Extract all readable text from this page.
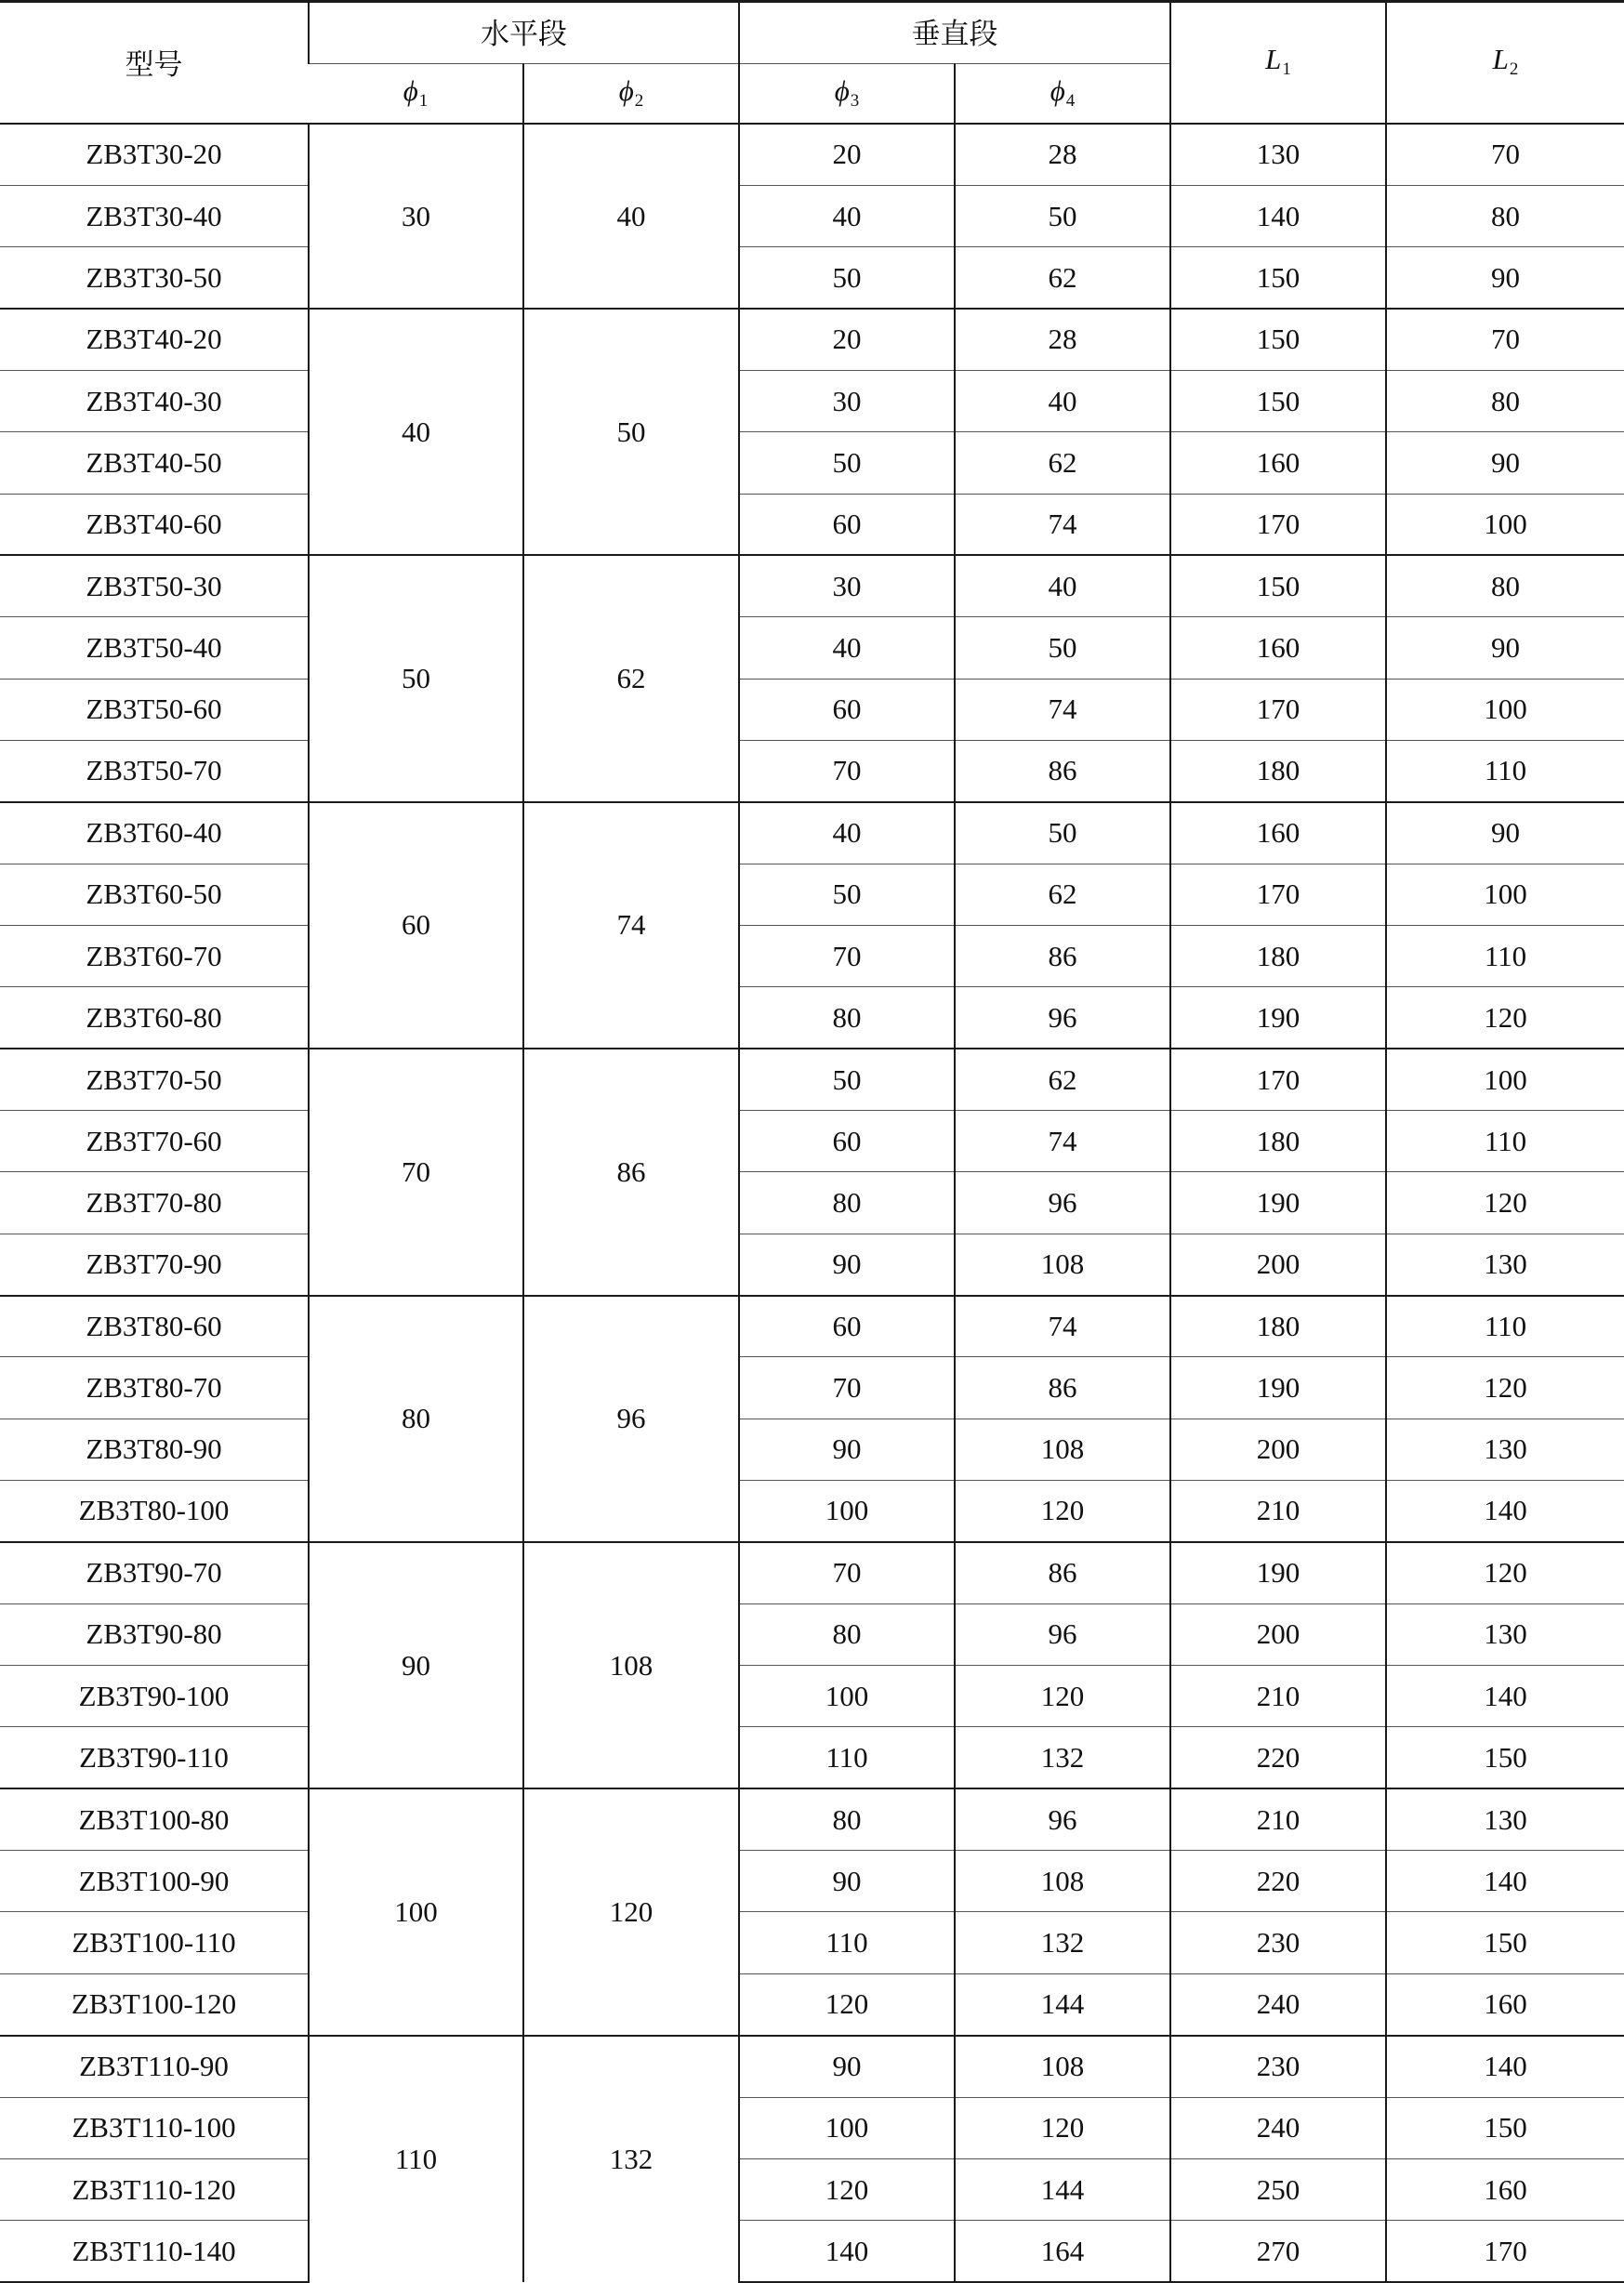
型号	水平段		垂直段		$L_1$	$L_2$
	$\phi_1$	$\phi_2$	$\phi_3$	$\phi_4$
ZB3T30-20	30	40	20	28	130	70
ZB3T30-40			40	50	140	80
ZB3T30-50			50	62	150	90
ZB3T40-20	40	50	20	28	150	70
ZB3T40-30			30	40	150	80
ZB3T40-50			50	62	160	90
ZB3T40-60			60	74	170	100
ZB3T50-30	50	62	30	40	150	80
ZB3T50-40			40	50	160	90
ZB3T50-60			60	74	170	100
ZB3T50-70			70	86	180	110
ZB3T60-40	60	74	40	50	160	90
ZB3T60-50			50	62	170	100
ZB3T60-70			70	86	180	110
ZB3T60-80			80	96	190	120
ZB3T70-50	70	86	50	62	170	100
ZB3T70-60			60	74	180	110
ZB3T70-80			80	96	190	120
ZB3T70-90			90	108	200	130
ZB3T80-60	80	96	60	74	180	110
ZB3T80-70			70	86	190	120
ZB3T80-90			90	108	200	130
ZB3T80-100			100	120	210	140
ZB3T90-70	90	108	70	86	190	120
ZB3T90-80			80	96	200	130
ZB3T90-100			100	120	210	140
ZB3T90-110			110	132	220	150
ZB3T100-80	100	120	80	96	210	130
ZB3T100-90			90	108	220	140
ZB3T100-110			110	132	230	150
ZB3T100-120			120	144	240	160
ZB3T110-90	110	132	90	108	230	140
ZB3T110-100			100	120	240	150
ZB3T110-120			120	144	250	160
ZB3T110-140			140	164	270	170
